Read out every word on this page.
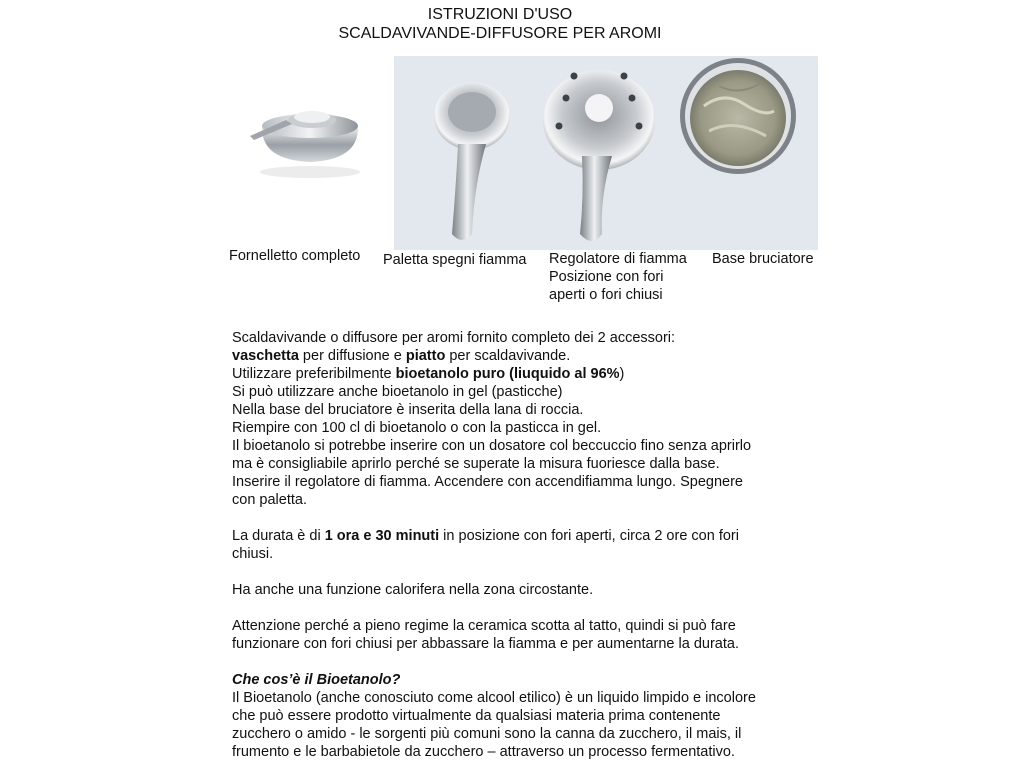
ISTRUZIONI D'USO
SCALDAVIVANDE-DIFFUSORE PER AROMI
Fornelletto completo Paletta spegni fiamma Regolatore di fiamma
Posizione con fori
aperti o fori chiusi
Base bruciatore

Scaldavivande o diffusore per aromi fornito completo dei 2 accessori:

vaschetta per diffusione e piatto per scaldavivande.

Utilizzare preferibilmente bioetanolo puro (liuquido al 96%)

Si può utilizzare anche bioetanolo in gel (pasticche)

Nella base del bruciatore è inserita della lana di roccia.

Riempire con 100 cl di bioetanolo o con la pasticca in gel.

Il bioetanolo si potrebbe inserire con un dosatore col beccuccio fino senza aprirlo

ma è consigliabile aprirlo perché se superate la misura fuoriesce dalla base.

Inserire il regolatore di fiamma. Accendere con accendifiamma lungo. Spegnere

con paletta.

La durata è di 1 ora e 30 minuti in posizione con fori aperti, circa 2 ore con fori

chiusi.

Ha anche una funzione calorifera nella zona circostante.

Attenzione perché a pieno regime la ceramica scotta al tatto, quindi si può fare

funzionare con fori chiusi per abbassare la fiamma e per aumentarne la durata.

Che cos’è il Bioetanolo?

Il Bioetanolo (anche conosciuto come alcool etilico) è un liquido limpido e incolore

che può essere prodotto virtualmente da qualsiasi materia prima contenente

zucchero o amido - le sorgenti più comuni sono la canna da zucchero, il mais, il

frumento e le barbabietole da zucchero – attraverso un processo fermentativo.
